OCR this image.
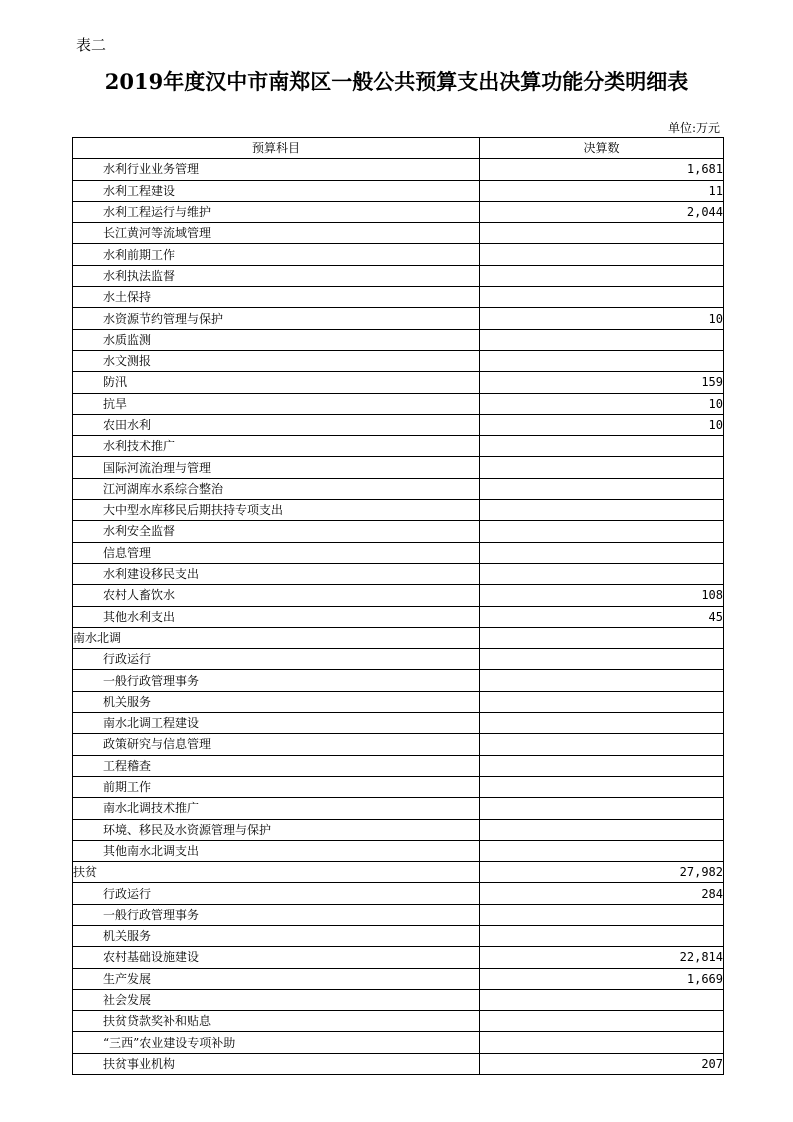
表二
2019年度汉中市南郑区一般公共预算支出决算功能分类明细表
单位:万元
预算科目	决算数
水利行业业务管理	1,681
水利工程建设	11
水利工程运行与维护	2,044
长江黄河等流域管理	
水利前期工作	
水利执法监督	
水土保持	
水资源节约管理与保护	10
水质监测	
水文测报	
防汛	159
抗旱	10
农田水利	10
水利技术推广	
国际河流治理与管理	
江河湖库水系综合整治	
大中型水库移民后期扶持专项支出	
水利安全监督	
信息管理	
水利建设移民支出	
农村人畜饮水	108
其他水利支出	45
南水北调	
行政运行	
一般行政管理事务	
机关服务	
南水北调工程建设	
政策研究与信息管理	
工程稽查	
前期工作	
南水北调技术推广	
环境、移民及水资源管理与保护	
其他南水北调支出	
扶贫	27,982
行政运行	284
一般行政管理事务	
机关服务	
农村基础设施建设	22,814
生产发展	1,669
社会发展	
扶贫贷款奖补和贴息	
“三西”农业建设专项补助	
扶贫事业机构	207
